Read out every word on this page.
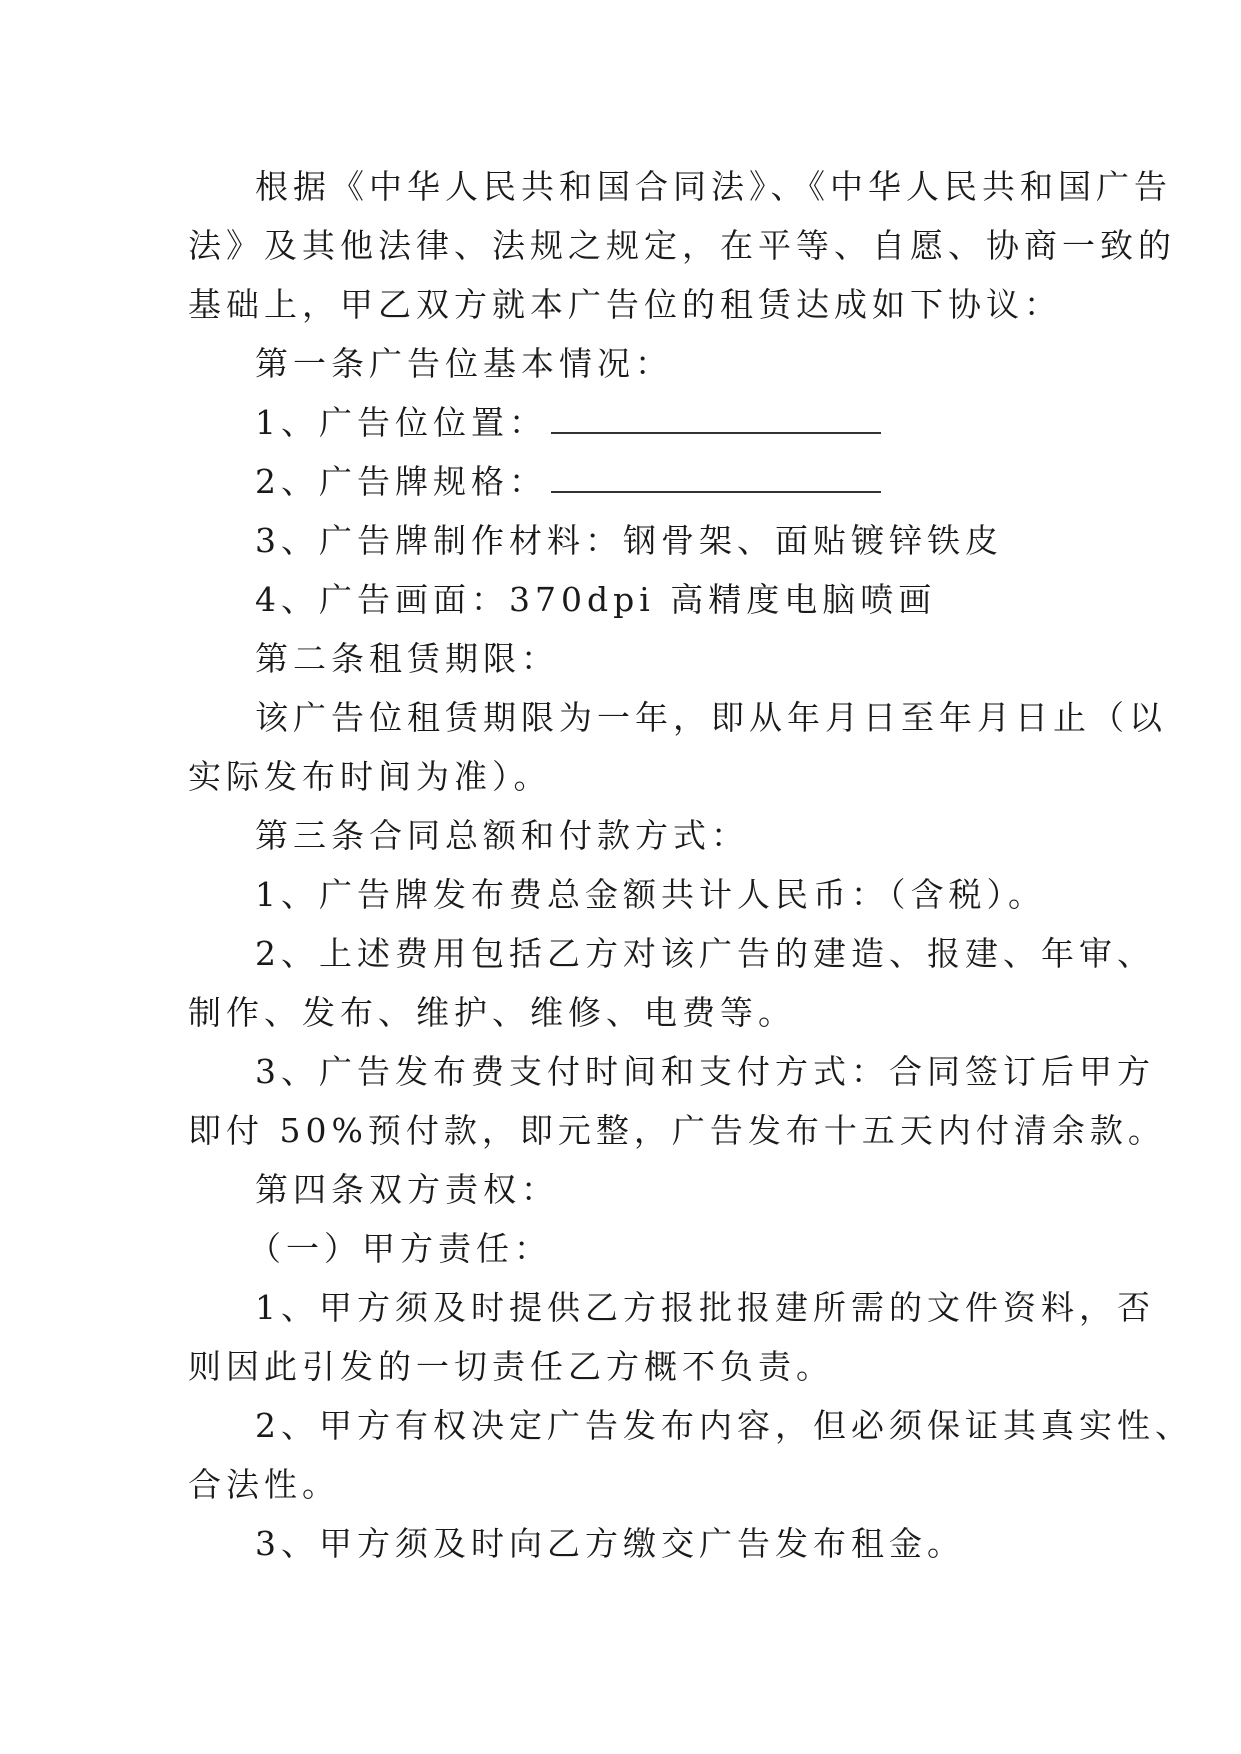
根据《中华人民共和国合同法》、《中华人民共和国广告
法》及其他法律、法规之规定，在平等、自愿、协商一致的
基础上，甲乙双方就本广告位的租赁达成如下协议：
第一条广告位基本情况：
1、广告位位置：
2、广告牌规格：
3、广告牌制作材料：钢骨架、面贴镀锌铁皮
4、广告画面：370dpi 高精度电脑喷画
第二条租赁期限：
该广告位租赁期限为一年，即从年月日至年月日止（以
实际发布时间为准）。
第三条合同总额和付款方式：
1、广告牌发布费总金额共计人民币：（含税）。
2、上述费用包括乙方对该广告的建造、报建、年审、
制作、发布、维护、维修、电费等。
3、广告发布费支付时间和支付方式：合同签订后甲方
即付 50%预付款，即元整，广告发布十五天内付清余款。
第四条双方责权：
（一）甲方责任：
1、甲方须及时提供乙方报批报建所需的文件资料，否
则因此引发的一切责任乙方概不负责。
2、甲方有权决定广告发布内容，但必须保证其真实性、
合法性。
3、甲方须及时向乙方缴交广告发布租金。
